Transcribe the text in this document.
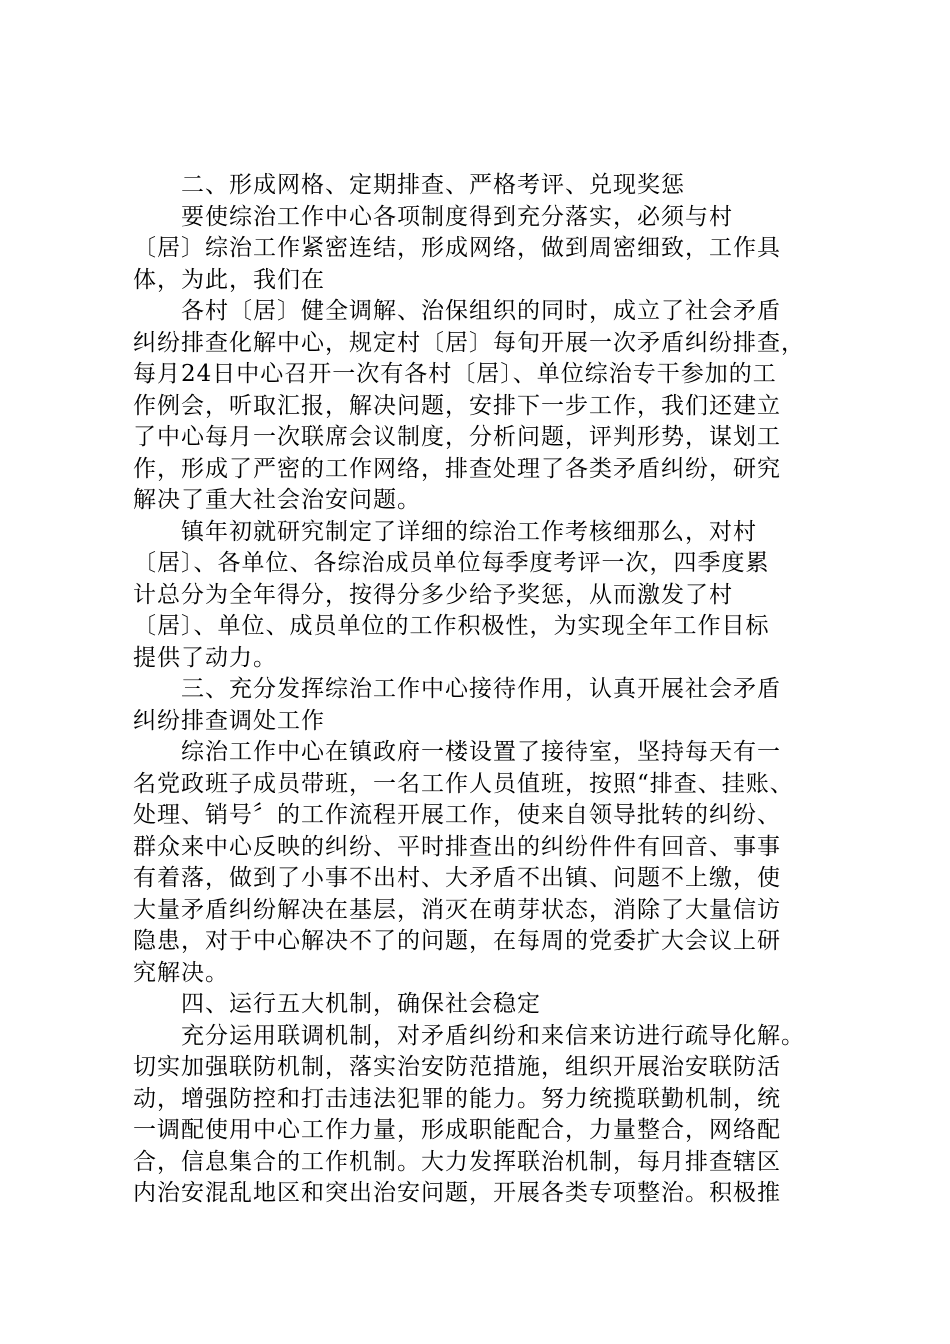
二、形成网格、定期排查、严格考评、兑现奖惩
要使综治工作中心各项制度得到充分落实，必须与村
〔居〕综治工作紧密连结，形成网络，做到周密细致，工作具
体，为此，我们在
各村〔居〕健全调解、治保组织的同时，成立了社会矛盾
纠纷排查化解中心，规定村〔居〕每旬开展一次矛盾纠纷排查，
每月24日中心召开一次有各村〔居〕、单位综治专干参加的工
作例会，听取汇报，解决问题，安排下一步工作，我们还建立
了中心每月一次联席会议制度，分析问题，评判形势，谋划工
作，形成了严密的工作网络，排查处理了各类矛盾纠纷，研究
解决了重大社会治安问题。
镇年初就研究制定了详细的综治工作考核细那么，对村
〔居〕、各单位、各综治成员单位每季度考评一次，四季度累
计总分为全年得分，按得分多少给予奖惩，从而激发了村
〔居〕、单位、成员单位的工作积极性，为实现全年工作目标
提供了动力。
三、充分发挥综治工作中心接待作用，认真开展社会矛盾
纠纷排查调处工作
综治工作中心在镇政府一楼设置了接待室，坚持每天有一
名党政班子成员带班，一名工作人员值班，按照“排查、挂账、
处理、销号〞的工作流程开展工作，使来自领导批转的纠纷、
群众来中心反映的纠纷、平时排查出的纠纷件件有回音、事事
有着落，做到了小事不出村、大矛盾不出镇、问题不上缴，使
大量矛盾纠纷解决在基层，消灭在萌芽状态，消除了大量信访
隐患，对于中心解决不了的问题，在每周的党委扩大会议上研
究解决。
四、运行五大机制，确保社会稳定
充分运用联调机制，对矛盾纠纷和来信来访进行疏导化解。
切实加强联防机制，落实治安防范措施，组织开展治安联防活
动，增强防控和打击违法犯罪的能力。努力统揽联勤机制，统
一调配使用中心工作力量，形成职能配合，力量整合，网络配
合，信息集合的工作机制。大力发挥联治机制，每月排查辖区
内治安混乱地区和突出治安问题，开展各类专项整治。积极推
